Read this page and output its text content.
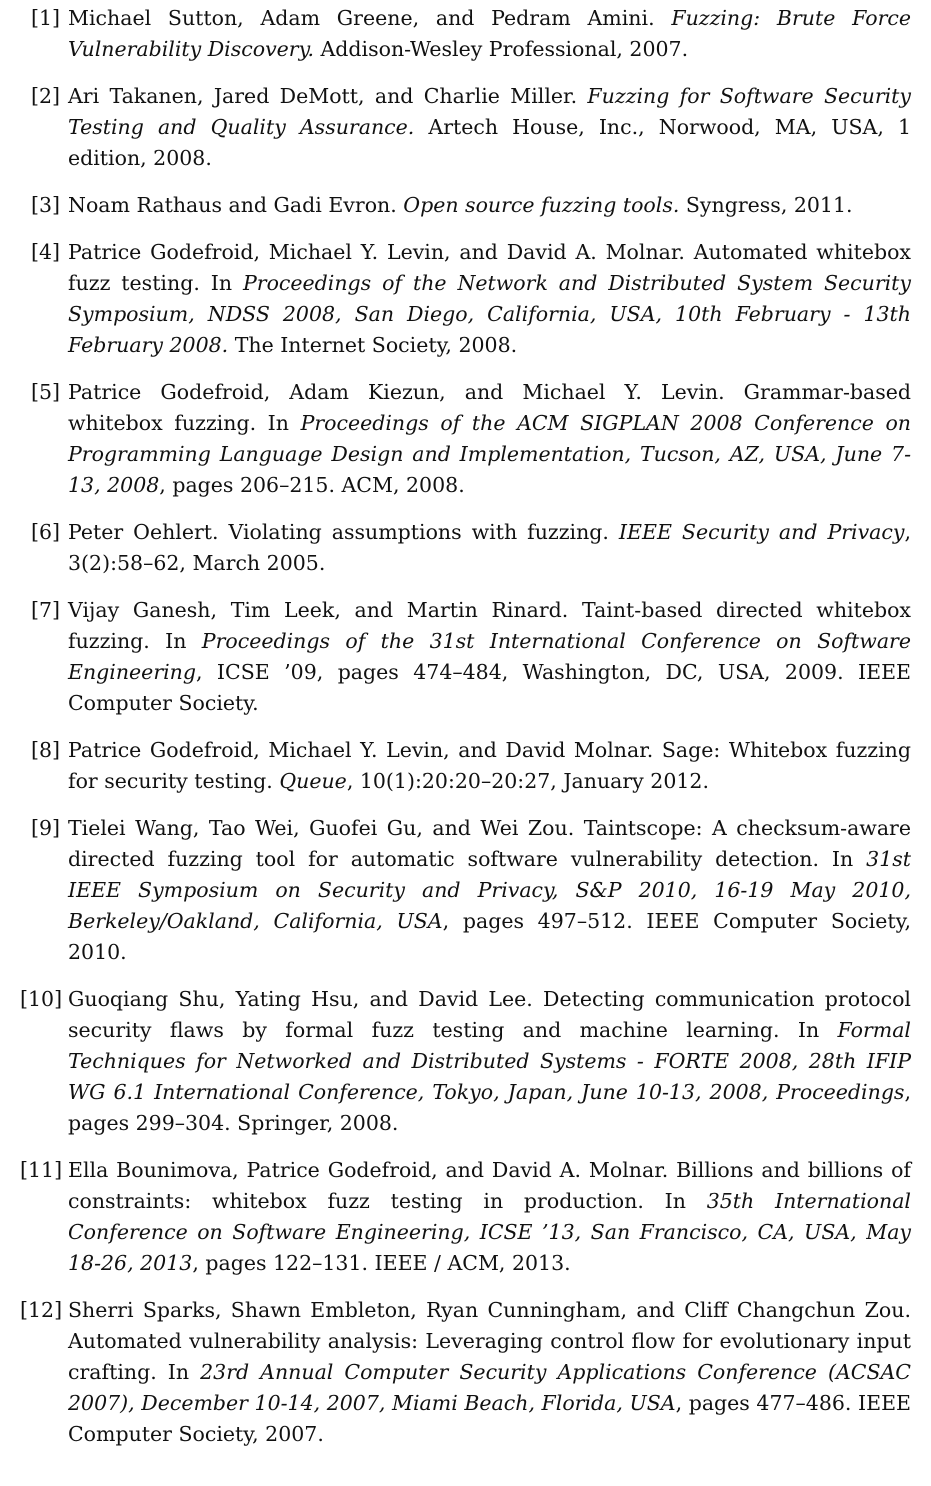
[1] Michael Sutton, Adam Greene, and Pedram Amini. Fuzzing: Brute Force Vulnerability Discovery. Addison-Wesley Professional, 2007.
[2] Ari Takanen, Jared DeMott, and Charlie Miller. Fuzzing for Software Security Testing and Quality Assurance. Artech House, Inc., Norwood, MA, USA, 1 edition, 2008.
[3] Noam Rathaus and Gadi Evron. Open source fuzzing tools. Syngress, 2011.
[4] Patrice Godefroid, Michael Y. Levin, and David A. Molnar. Automated whitebox fuzz testing. In Proceedings of the Network and Distributed System Security Symposium, NDSS 2008, San Diego, California, USA, 10th February - 13th February 2008. The Internet Society, 2008.
[5] Patrice Godefroid, Adam Kiezun, and Michael Y. Levin. Grammar-based whitebox fuzzing. In Proceedings of the ACM SIGPLAN 2008 Conference on Programming Language Design and Implementation, Tucson, AZ, USA, June 7-13, 2008, pages 206–215. ACM, 2008.
[6] Peter Oehlert. Violating assumptions with fuzzing. IEEE Security and Privacy, 3(2):58–62, March 2005.
[7] Vijay Ganesh, Tim Leek, and Martin Rinard. Taint-based directed whitebox fuzzing. In Proceedings of the 31st International Conference on Software Engineering, ICSE ’09, pages 474–484, Washington, DC, USA, 2009. IEEE Computer Society.
[8] Patrice Godefroid, Michael Y. Levin, and David Molnar. Sage: Whitebox fuzzing for security testing. Queue, 10(1):20:20–20:27, January 2012.
[9] Tielei Wang, Tao Wei, Guofei Gu, and Wei Zou. Taintscope: A checksum-aware directed fuzzing tool for automatic software vulnerability detection. In 31st IEEE Symposium on Security and Privacy, S&P 2010, 16-19 May 2010, Berkeley/Oakland, California, USA, pages 497–512. IEEE Computer Society, 2010.
[10] Guoqiang Shu, Yating Hsu, and David Lee. Detecting communication protocol security flaws by formal fuzz testing and machine learning. In Formal Techniques for Networked and Distributed Systems - FORTE 2008, 28th IFIP WG 6.1 International Conference, Tokyo, Japan, June 10-13, 2008, Proceedings, pages 299–304. Springer, 2008.
[11] Ella Bounimova, Patrice Godefroid, and David A. Molnar. Billions and billions of constraints: whitebox fuzz testing in production. In 35th International Conference on Software Engineering, ICSE ’13, San Francisco, CA, USA, May 18-26, 2013, pages 122–131. IEEE / ACM, 2013.
[12] Sherri Sparks, Shawn Embleton, Ryan Cunningham, and Cliff Changchun Zou. Automated vulnerability analysis: Leveraging control flow for evolutionary input crafting. In 23rd Annual Computer Security Applications Conference (ACSAC 2007), December 10-14, 2007, Miami Beach, Florida, USA, pages 477–486. IEEE Computer Society, 2007.
